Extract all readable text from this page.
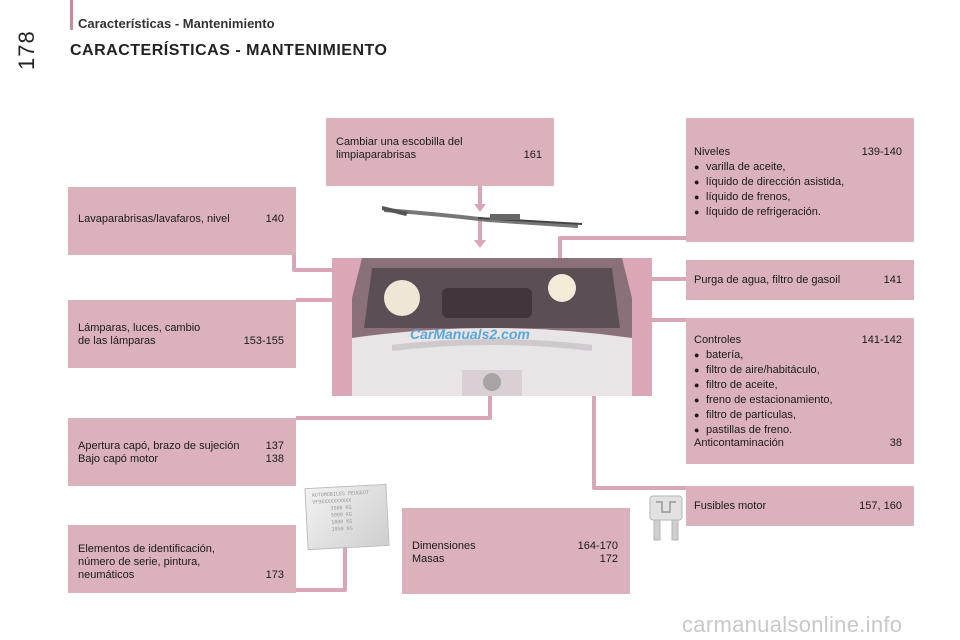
178
Características - Mantenimiento
CARACTERÍSTICAS - MANTENIMIENTO
CarManuals2.com
Cambiar una escobilla del
limpiaparabrisas	161
Lavaparabrisas/lavafaros, nivel	140
Lámparas, luces, cambio
de las lámparas	153-155
Apertura capó, brazo de sujeción	137
Bajo capó motor	138
Elementos de identificación,
número de serie, pintura,
neumáticos	173
Dimensiones	164-170
Masas	172
Niveles	139-140
● varilla de aceite,
● líquido de dirección asistida,
● líquido de frenos,
● líquido de refrigeración.
Purga de agua, filtro de gasoil	141
Controles	141-142
● batería,
● filtro de aire/habitáculo,
● filtro de aceite,
● freno de estacionamiento,
● filtro de partículas,
● pastillas de freno.
Anticontaminación	38
Fusibles motor	157, 160
AUTOMOBILES PEUGEOT
VF9XXXXXXXXXX
3500 KG
5000 KG
1800 KG
1950 KG
carmanualsonline.info
